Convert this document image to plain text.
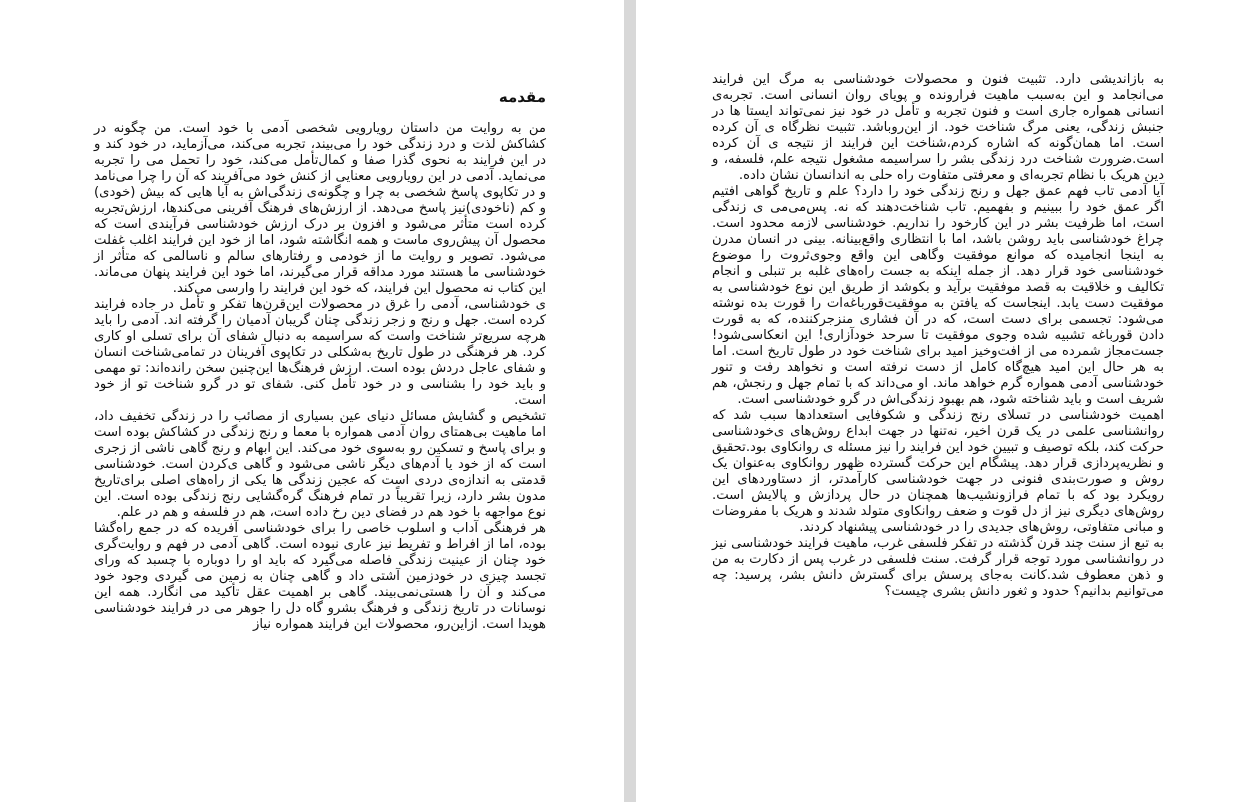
مقدمه

من به روایت من داستان رویارویی شخصی آدمی با خود است. من چگونه در کشاکش لذت و درد زندگی خود را می‌بیند، تجربه می‌کند، می‌آزماید، در خود کند و در این فرایند به نحوی گذرا صفا و کمال‌تأمل می‌کند، خود را تحمل می را تجربه می‌نماید. آدمی در این رویارویی معنایی از کنش خود می‌آفریند که آن را چرا می‌نامد و در تکاپوی پاسخ شخصی به چرا و چگونه‌ی زندگی‌اش به آیا هایی که بیش (خودی) و کم (ناخودی)نیز پاسخ می‌دهد. از ارزش‌های فرهنگ آفرینی می‌کندها، ارزش‌تجربه کرده است متأثر می‌شود و افزون بر درک ارزش خودشناسی فرآیندی است که محصول آن پیش‌روی ماست و همه انگاشته شود، اما از خود این فرایند اغلب غفلت می‌شود. تصویر و روایت ما از خودمی و رفتارهای سالم و ناسالمی که متأثر از خودشناسی ما هستند مورد مداقه قرار می‌گیرند، اما خود این فرایند پنهان می‌ماند. این کتاب نه محصول این فرایند، که خود این فرایند را وارسی می‌کند.

ی خودشناسی، آدمی را غرق در محصولات این‌قرن‌ها تفکر و تأمل در جاده فرایند کرده است. جهل و رنج و زجر زندگی چنان گریبان آدمیان را گرفته اند. آدمی را باید هرچه سریع‌تر شناخت واست که سراسیمه به دنبال شفای آن برای تسلی او کاری کرد. هر فرهنگی در طول تاریخ به‌شکلی در تکاپوی آفرینان در تمامی‌شناخت انسان و شفای عاجل دردش بوده است. ارزش فرهنگ‌ها این‌چنین سخن رانده‌اند: تو مهمی و باید خود را بشناسی و در خود تأمل کنی. شفای تو در گرو شناخت تو از خود است.

تشخیص و گشایش مسائل دنیای عین بسیاری از مصائب را در زندگی تخفیف داد، اما ماهیت بی‌همتای روان آدمی همواره با معما و رنج زندگی در کشاکش بوده است و برای پاسخ و تسکین رو به‌سوی خود می‌کند. این ابهام و رنج گاهی ناشی از زجری است که از خود یا آدم‌های دیگر ناشی می‌شود و گاهی ی‌کردن است. خودشناسی قدمتی به اندازه‌ی دردی است که عجین زندگی ها یکی از راه‌های اصلی برای‌تاریخ مدون بشر دارد، زیرا تقریباً در تمام فرهنگ گره‌گشایی رنج زندگی بوده است. این نوع مواجهه با خود هم در فضای دین رخ داده است، هم در فلسفه و هم در علم.

هر فرهنگی آداب و اسلوب خاصی را برای خودشناسی آفریده که در جمع راه‌گشا بوده، اما از افراط و تفریط نیز عاری نبوده است. گاهی آدمی در فهم و روایت‌گری خود چنان از عینیت زندگی فاصله می‌گیرد که باید او را دوباره با چسبد که ورای تجسد چیزی در خودزمین آشتی داد و گاهی چنان به زمین می گیردی وجود خود می‌کند و آن را هستی‌نمی‌بیند. گاهی بر اهمیت عقل تأکید می انگارد. همه این نوسانات در تاریخ زندگی و فرهنگ بشرو گاه دل را جوهر می در فرایند خودشناسی هویدا است. ازاین‌رو، محصولات این فرایند همواره نیاز

به بازاندیشی دارد. تثبیت فنون و محصولات خودشناسی به مرگ این فرایند می‌انجامد و این به‌سبب ماهیت فرارونده و پویای روان انسانی است. تجربه‌ی انسانی همواره جاری است و فنون تجربه و تأمل در خود نیز نمی‌تواند ایستا ها در جنبش زندگی، یعنی مرگ شناخت خود. از این‌روباشد. تثبیت نظرگاه ی آن کرده است. اما همان‌گونه که اشاره کردم،شناخت این فرایند از نتیجه ی آن کرده است.ضرورت شناخت درد زندگی بشر را سراسیمه مشغول نتیجه علم، فلسفه، و دین هریک با نظام تجربه‌ای و معرفتی متفاوت راه حلی به اندانسان نشان داده.

آیا آدمی تاب فهم عمق جهل و رنج زندگی خود را دارد؟ علم و تاریخ گواهی افتیم اگر عمق خود را ببینیم و بفهمیم. تاب شناخت‌دهند که نه. پس‌می‌می ی زندگی است، اما ظرفیت بشر در این کارخود را نداریم. خودشناسی لازمه محدود است. چراغ خودشناسی باید روشن باشد، اما با انتظاری واقع‌بینانه. بینی در انسان مدرن به اینجا انجامیده که موانع موفقیت وگاهی این واقع وجوی‌ثروت را موضوع خودشناسی خود قرار دهد. از جمله اینکه به جست راه‌های غلبه بر تنبلی و انجام تکالیف و خلاقیت به قصد موفقیت برآید و بکوشد از طریق این نوع خودشناسی به موفقیت دست یابد. اینجاست که یافتن به موفقیت‌قورباغه‌ات را قورت بده نوشته می‌شود: تجسمی برای دست است، که در آن فشاری منزجرکننده، که به قورت دادن قورباغه تشبیه شده وجوی موفقیت تا سرحد خودآزاری! این انعکاسی‌شود! جست‌مجاز شمرده می از افت‌وخیز امید برای شناخت خود در طول تاریخ است. اما به هر حال این امید هیچ‌گاه کامل از دست نرفته است و نخواهد رفت و تنور خودشناسی آدمی همواره گرم خواهد ماند. او می‌داند که با تمام جهل و رنجش، هم شریف است و باید شناخته شود، هم بهبود زندگی‌اش در گرو خودشناسی است.

اهمیت خودشناسی در تسلای رنج زندگی و شکوفایی استعدادها سبب شد که روانشناسی علمی در یک قرن اخیر، نه‌تنها در جهت ابداع روش‌های ی‌خودشناسی حرکت کند، بلکه توصیف و تبیین خود این فرایند را نیز مسئله ی روانکاوی بود.تحقیق و نظریه‌پردازی قرار دهد. پیشگام این حرکت گسترده ظهور روانکاوی به‌عنوان یک روش و صورت‌بندی فنونی در جهت خودشناسی کارآمدتر، از دستاوردهای این رویکرد بود که با تمام فرازونشیب‌ها همچنان در حال پردازش و پالایش است. روش‌های دیگری نیز از دل قوت و ضعف روانکاوی متولد شدند و هریک با مفروضات و مبانی متفاوتی، روش‌های جدیدی را در خودشناسی پیشنهاد کردند.

به تبع از سنت چند قرن گذشته در تفکر فلسفی غرب، ماهیت فرایند خودشناسی نیز در روانشناسی مورد توجه قرار گرفت. سنت فلسفی در غرب پس از دکارت به من و ذهن معطوف شد.کانت به‌جای پرسش برای گسترش دانش بشر، پرسید: چه می‌توانیم بدانیم؟ حدود و ثغور دانش بشری چیست؟
